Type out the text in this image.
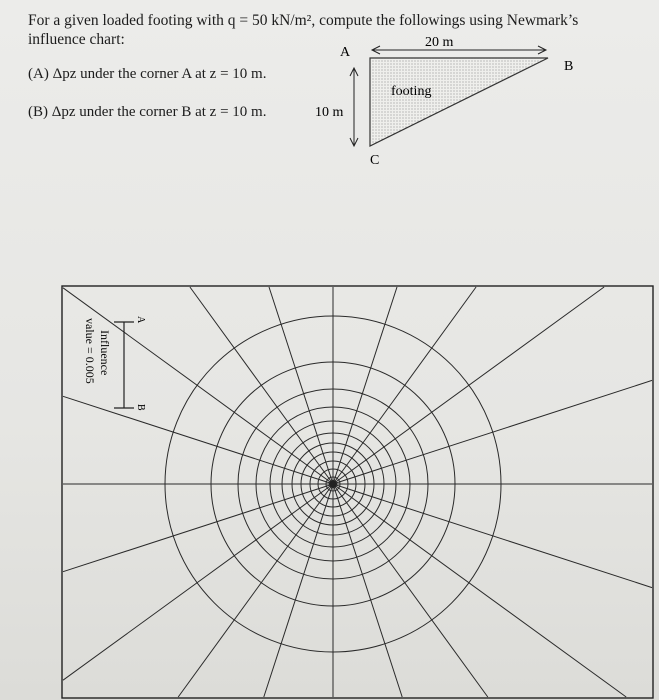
For a given loaded footing with q = 50 kN/m², compute the followings using Newmark’s
influence chart:
(A) Δpz under the corner A at z = 10 m.
(B) Δpz under the corner B at z = 10 m.
A
B
C
20 m
10 m
footing
A
B
Influence
value = 0.005
